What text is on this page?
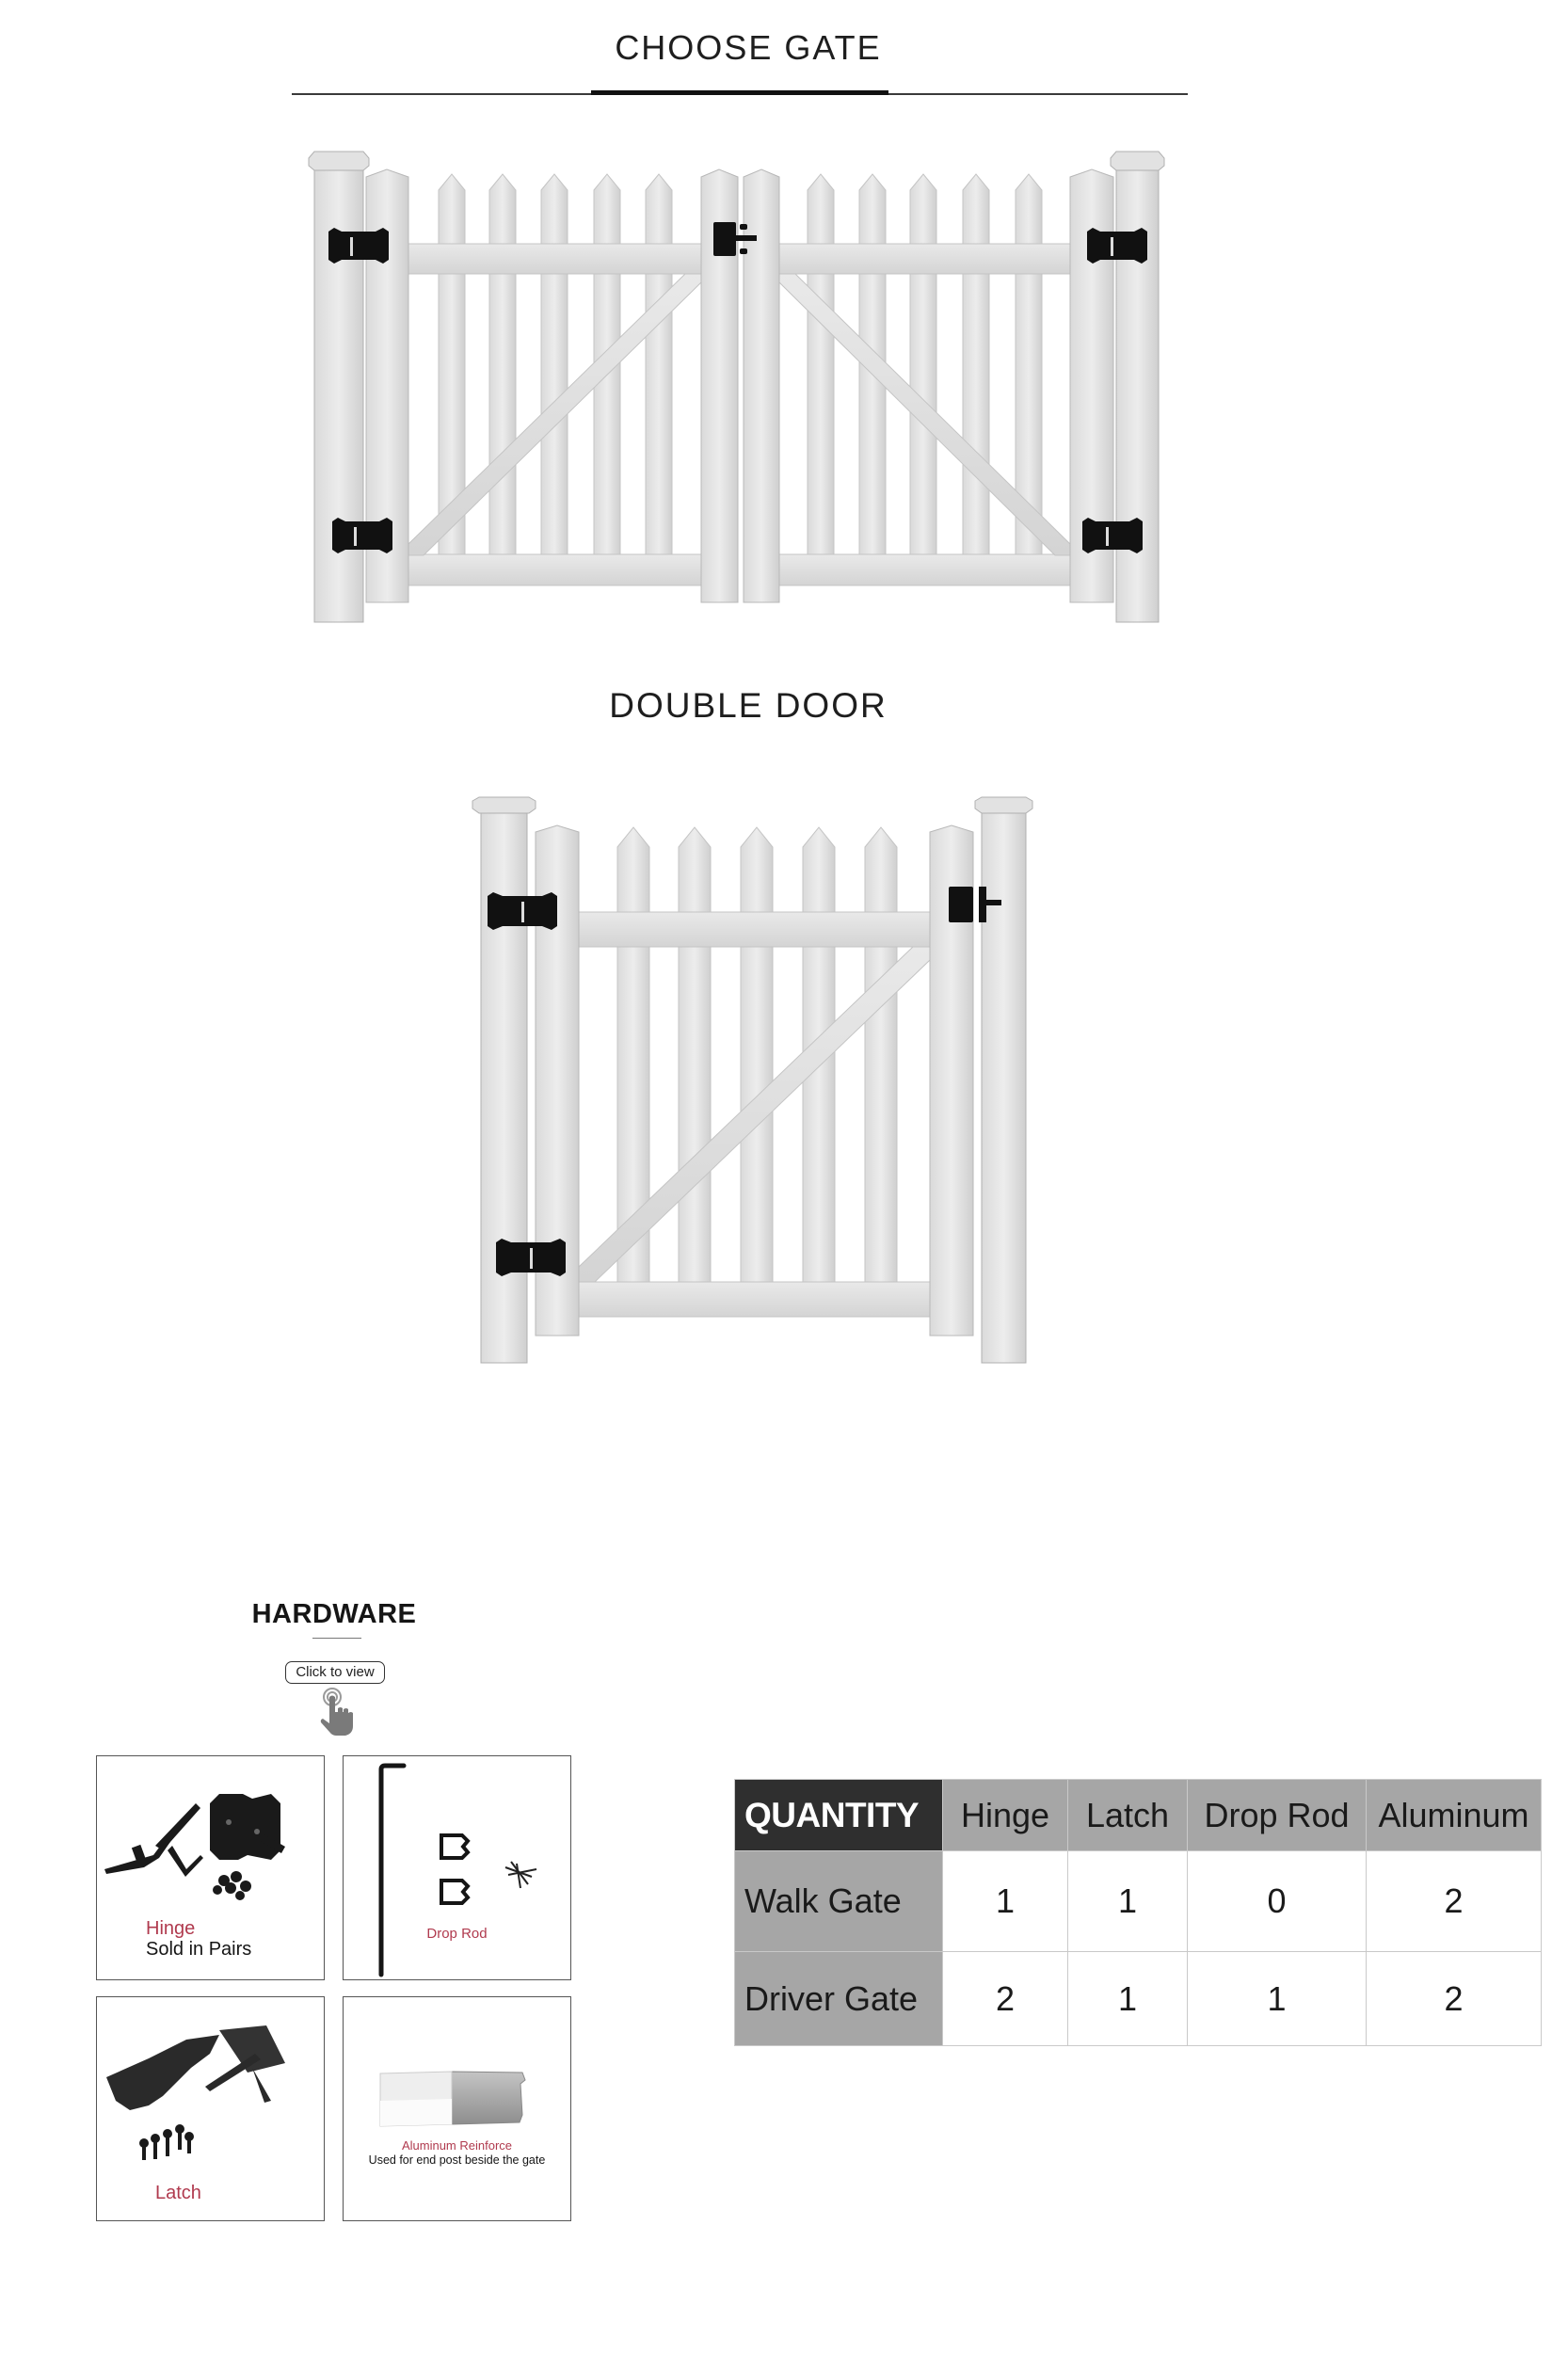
CHOOSE GATE
DOUBLE DOOR
HARDWARE
Click to view
Hinge
Sold in Pairs
Drop Rod
Latch
Aluminum Reinforce
Used for end post beside the gate
QUANTITY	Hinge	Latch	Drop Rod	Aluminum
Walk Gate	1	1	0	2
Driver Gate	2	1	1	2
